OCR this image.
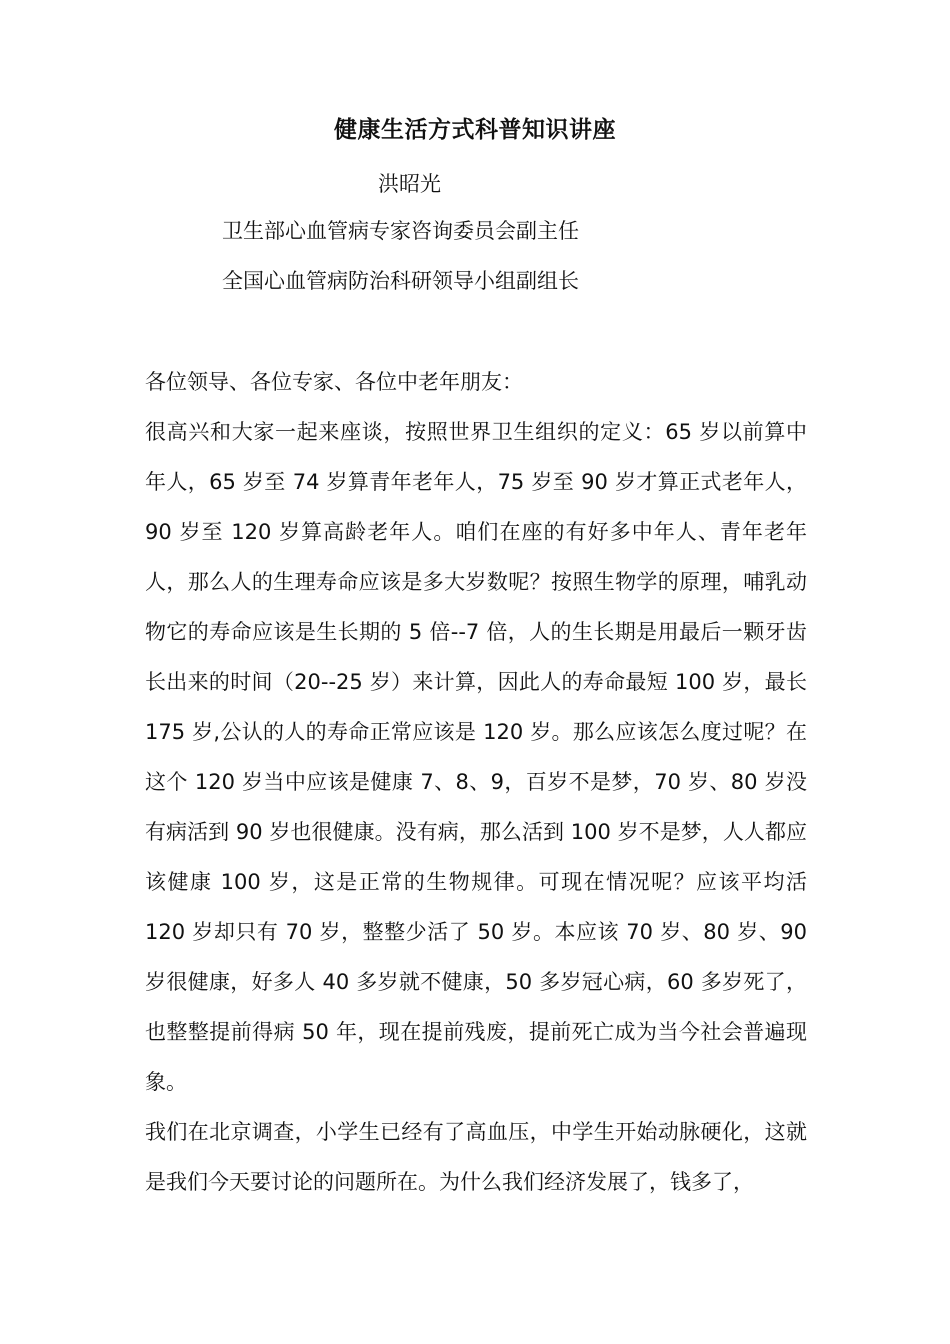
健康生活方式科普知识讲座
洪昭光
卫生部心血管病专家咨询委员会副主任
全国心血管病防治科研领导小组副组长

各位领导、各位专家、各位中老年朋友：

很高兴和大家一起来座谈，按照世界卫生组织的定义：65 岁以前算中年人，65 岁至 74 岁算青年老年人，75 岁至 90 岁才算正式老年人，90 岁至 120 岁算高龄老年人。咱们在座的有好多中年人、青年老年人，那么人的生理寿命应该是多大岁数呢？按照生物学的原理，哺乳动物它的寿命应该是生长期的 5 倍--7 倍，人的生长期是用最后一颗牙齿长出来的时间（20--25 岁）来计算，因此人的寿命最短 100 岁，最长 175 岁,公认的人的寿命正常应该是 120 岁。那么应该怎么度过呢？在这个 120 岁当中应该是健康 7、8、9，百岁不是梦，70 岁、80 岁没有病活到 90 岁也很健康。没有病，那么活到 100 岁不是梦，人人都应该健康 100 岁，这是正常的生物规律。可现在情况呢？应该平均活 120 岁却只有 70 岁，整整少活了 50 岁。本应该 70 岁、80 岁、90 岁很健康，好多人 40 多岁就不健康，50 多岁冠心病，60 多岁死了，也整整提前得病 50 年，现在提前残废，提前死亡成为当今社会普遍现象。

我们在北京调查，小学生已经有了高血压，中学生开始动脉硬化，这就是我们今天要讨论的问题所在。为什么我们经济发展了，钱多了，
